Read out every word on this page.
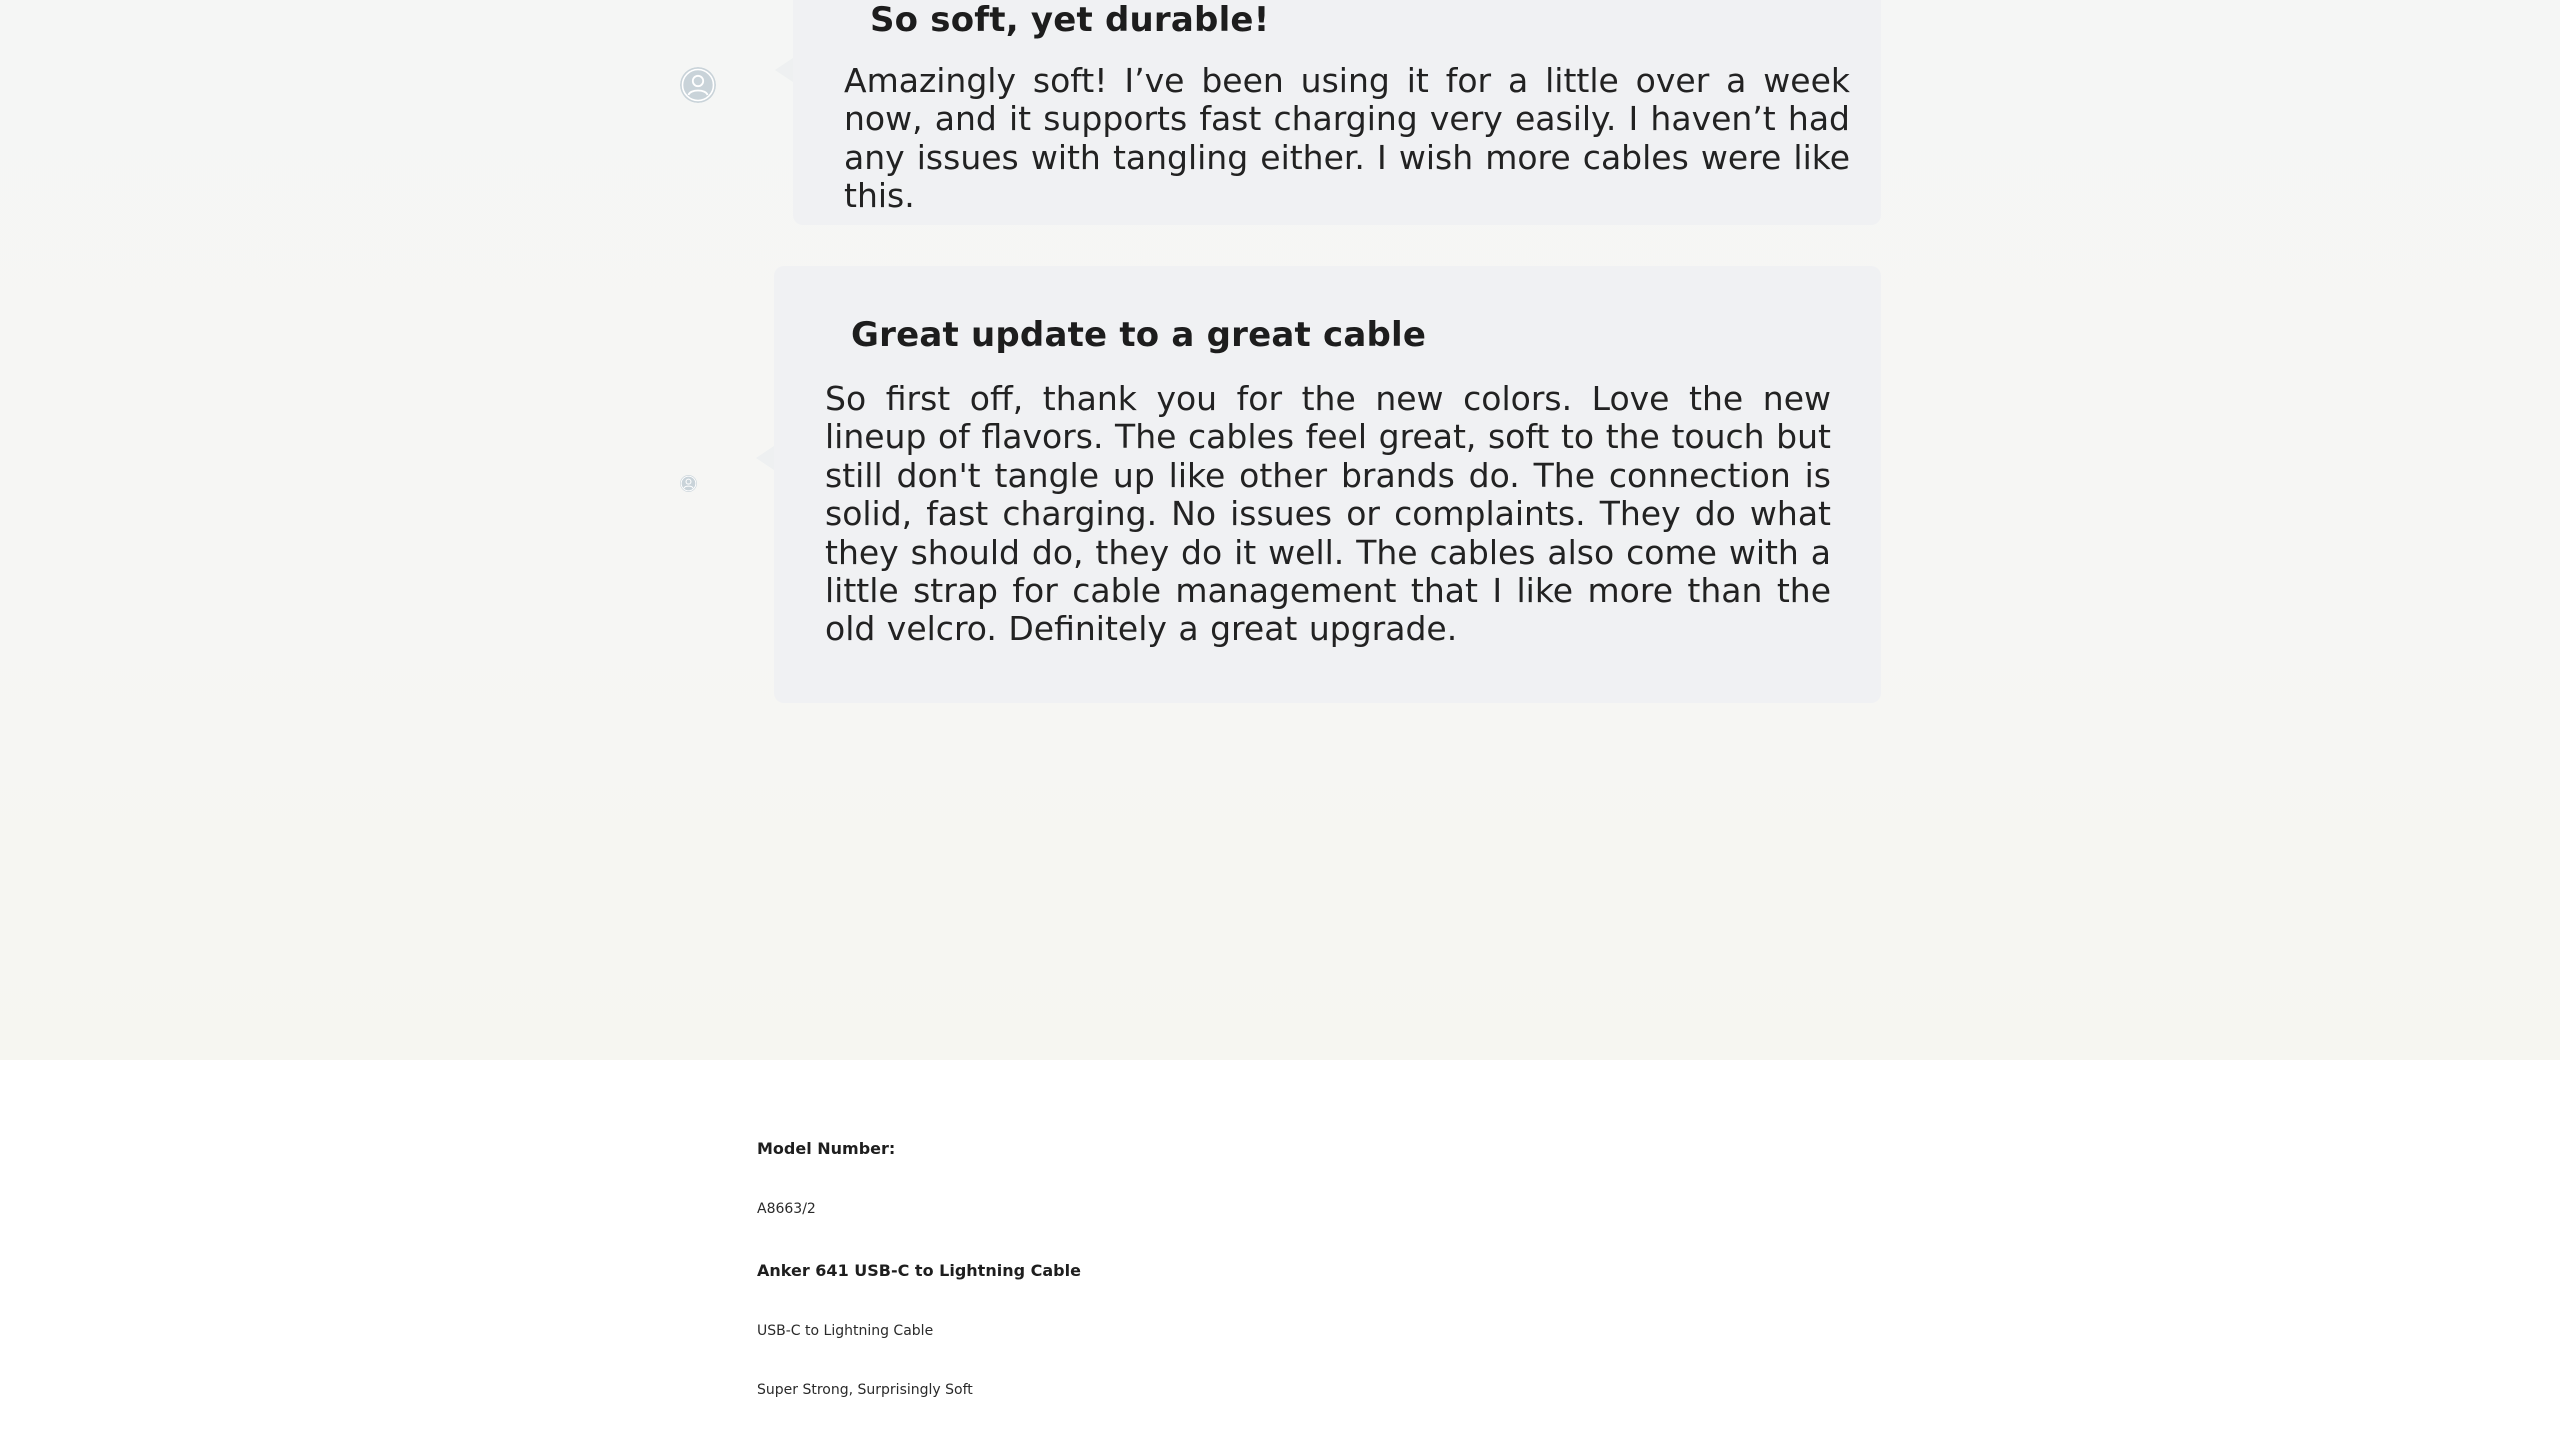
So soft, yet durable!

Amazingly soft! I’ve been using it for a little over a week now, and it supports fast charging very easily. I haven’t had any issues with tangling either. I wish more cables were like this.

Great update to a great cable

So first off, thank you for the new colors. Love the new lineup of flavors. The cables feel great, soft to the touch but still don't tangle up like other brands do. The connection is solid, fast charging. No issues or complaints. They do what they should do, they do it well. The cables also come with a little strap for cable management that I like more than the old velcro. Definitely a great upgrade.

Model Number:

A8663/2

Anker 641 USB-C to Lightning Cable

USB-C to Lightning Cable

Super Strong, Surprisingly Soft
